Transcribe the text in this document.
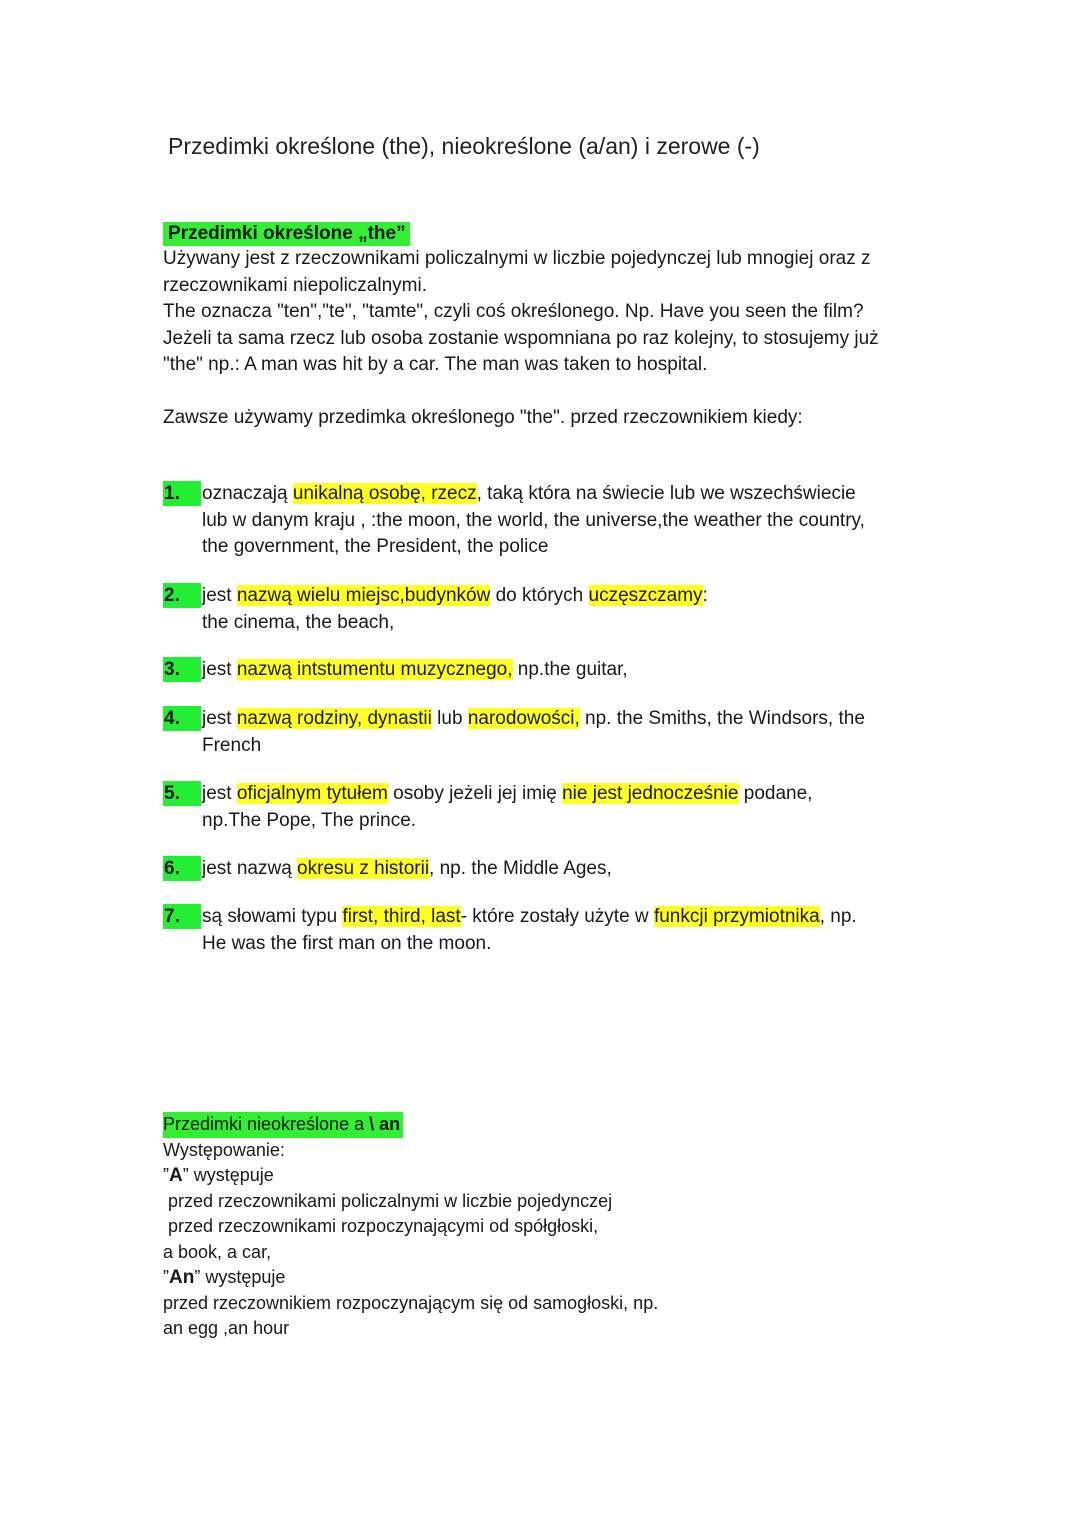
Przedimki określone (the), nieokreślone (a/an) i zerowe (-)
Przedimki określone „the”
Używany jest z rzeczownikami policzalnymi w liczbie pojedynczej lub mnogiej oraz z
rzeczownikami niepoliczalnymi.
The oznacza "ten","te", "tamte", czyli coś określonego. Np. Have you seen the film?
Jeżeli ta sama rzecz lub osoba zostanie wspomniana po raz kolejny, to stosujemy już
"the" np.: A man was hit by a car. The man was taken to hospital.
Zawsze używamy przedimka określonego "the". przed rzeczownikiem kiedy:
1.	oznaczają unikalną osobę, rzecz, taką która na świecie lub we wszechświecie
lub w danym kraju , :the moon, the world, the universe,the weather the country,
the government, the President, the police
2.	jest nazwą wielu miejsc,budynków do których uczęszczamy:
the cinema, the beach,
3.	jest nazwą intstumentu muzycznego, np.the guitar,
4.	jest nazwą rodziny, dynastii lub narodowości, np. the Smiths, the Windsors, the
French
5.	jest oficjalnym tytułem osoby jeżeli jej imię nie jest jednocześnie podane,
np.The Pope, The prince.
6.	jest nazwą okresu z historii, np. the Middle Ages,
7.	są słowami typu first, third, last- które zostały użyte w funkcji przymiotnika, np.
He was the first man on the moon.
Przedimki nieokreślone a \ an
Występowanie:
”A” występuje
przed rzeczownikami policzalnymi w liczbie pojedynczej
przed rzeczownikami rozpoczynającymi od spółgłoski,
a book, a car,
”An” występuje
przed rzeczownikiem rozpoczynającym się od samogłoski, np.
an egg ,an hour
